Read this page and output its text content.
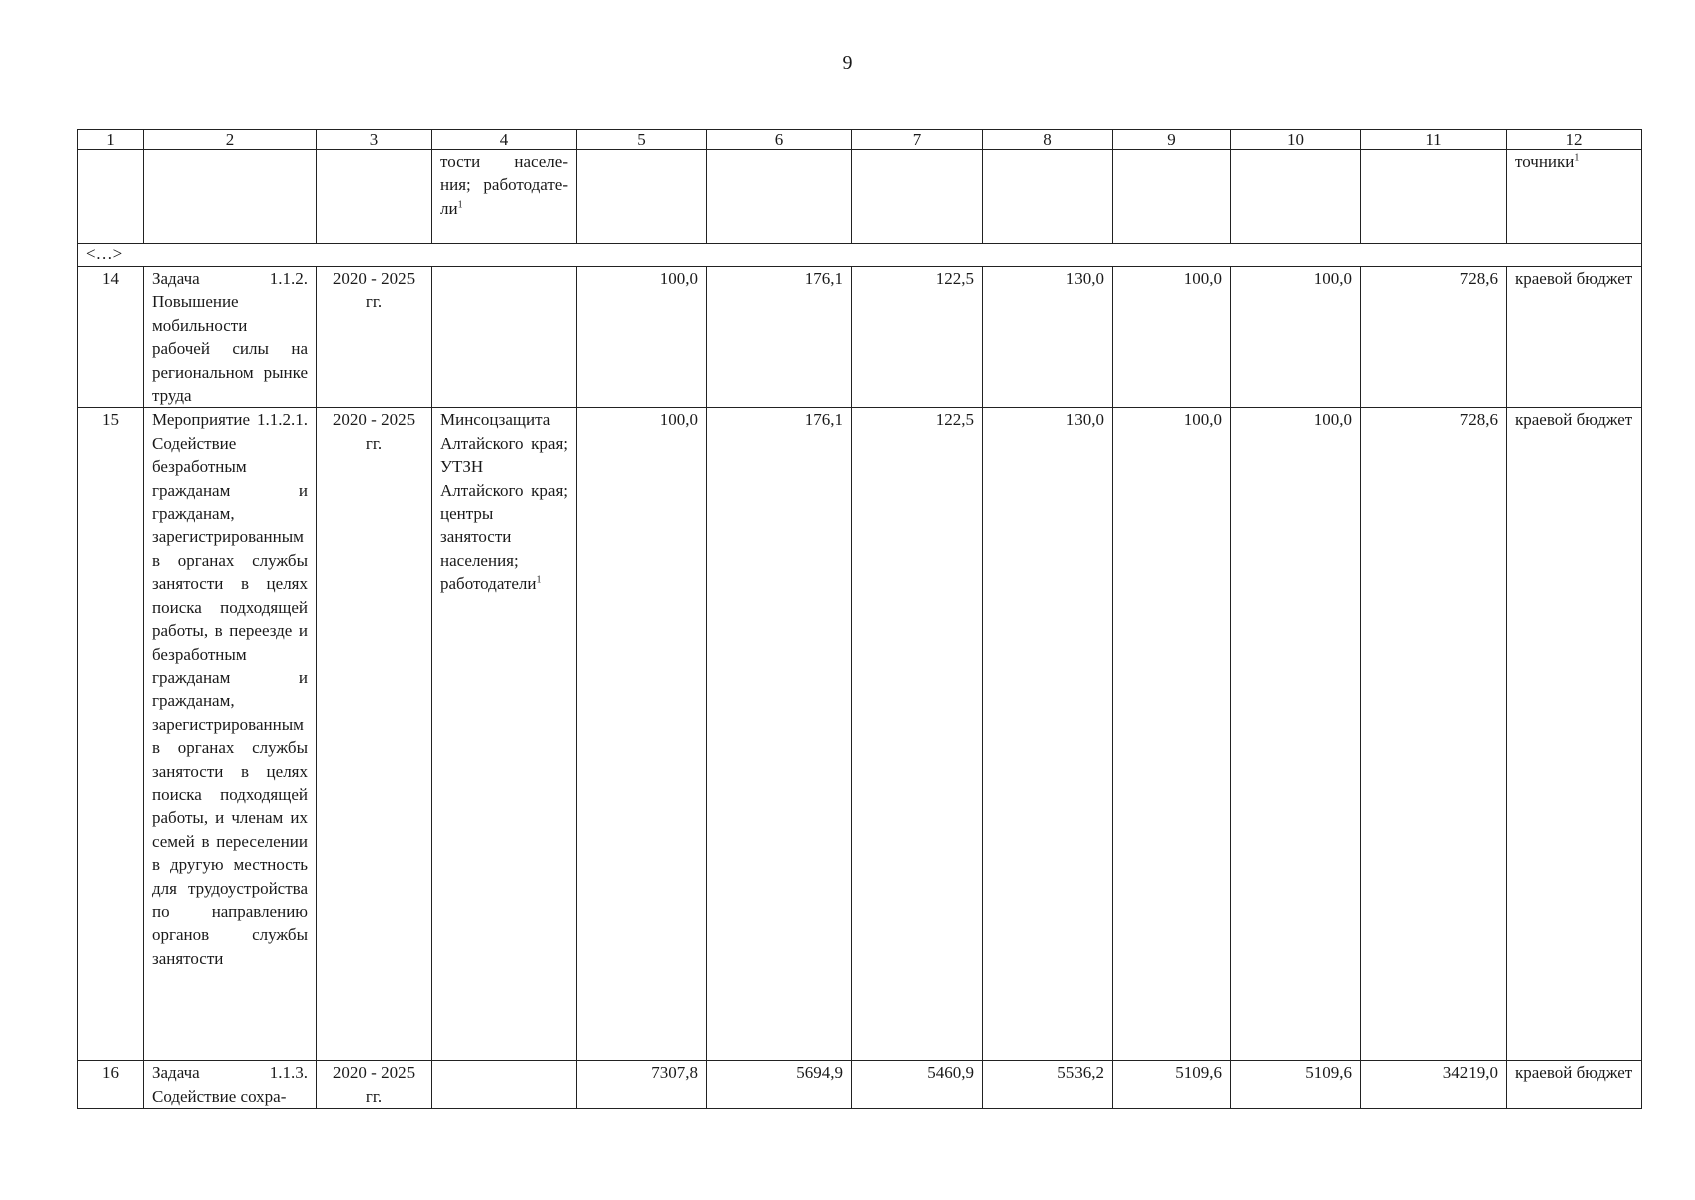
9
1	2	3	4	5	6	7	8	9	10	11	12
			тости населе-ния; работодате-$ли^1$								точники$^1$
<…>											
14	Задача 1.1.2. Повышение мобильности рабочей силы на региональном рынке труда	2020 - 2025 гг.		100,0	176,1	122,5	130,0	100,0	100,0	728,6	краевой бюджет
15	Мероприятие 1.1.2.1. Содействие безработным гражданам и гражданам, зарегистрированным в органах службы занятости в целях поиска подходящей работы, в переезде и безработным гражданам и гражданам, зарегистрированным в органах службы занятости в целях поиска подходящей работы, и членам их семей в переселении в другую местность для трудоустройства по направлению органов службы занятости	2020 - 2025 гг.	Минсоцзащита Алтайского края; УТЗН Алтайского края; центры занятости населения; работодатели$^1$	100,0	176,1	122,5	130,0	100,0	100,0	728,6	краевой бюджет
16	Задача 1.1.3. Содействие сохра-	2020 - 2025 гг.		7307,8	5694,9	5460,9	5536,2	5109,6	5109,6	34219,0	краевой бюджет
